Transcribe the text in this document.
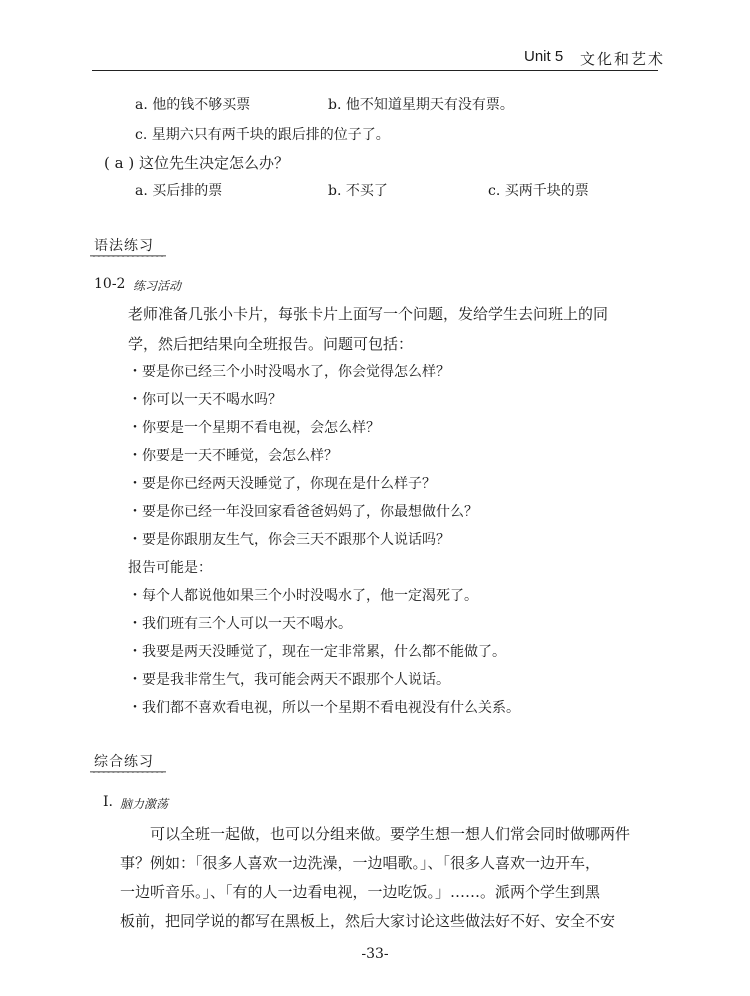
Unit 5 文化和艺术
a. 他的钱不够买票	b. 他不知道星期天有没有票。
c. 星期六只有两千块的跟后排的位子了。
( a ) 这位先生决定怎么办？
a. 买后排的票	b. 不买了	c. 买两千块的票
语法练习
10-2 练习活动
老师准备几张小卡片，每张卡片上面写一个问题，发给学生去问班上的同
学，然后把结果向全班报告。问题可包括：
・要是你已经三个小时没喝水了，你会觉得怎么样？
・你可以一天不喝水吗？
・你要是一个星期不看电视，会怎么样？
・你要是一天不睡觉，会怎么样？
・要是你已经两天没睡觉了，你现在是什么样子？
・要是你已经一年没回家看爸爸妈妈了，你最想做什么？
・要是你跟朋友生气，你会三天不跟那个人说话吗？
报告可能是：
・每个人都说他如果三个小时没喝水了，他一定渴死了。
・我们班有三个人可以一天不喝水。
・我要是两天没睡觉了，现在一定非常累，什么都不能做了。
・要是我非常生气，我可能会两天不跟那个人说话。
・我们都不喜欢看电视，所以一个星期不看电视没有什么关系。
综合练习
I. 脑力激荡
可以全班一起做，也可以分组来做。要学生想一想人们常会同时做哪两件
事？例如：「很多人喜欢一边洗澡，一边唱歌。」、「很多人喜欢一边开车，
一边听音乐。」、「有的人一边看电视，一边吃饭。」……。派两个学生到黑
板前，把同学说的都写在黑板上，然后大家讨论这些做法好不好、安全不安
-33-
